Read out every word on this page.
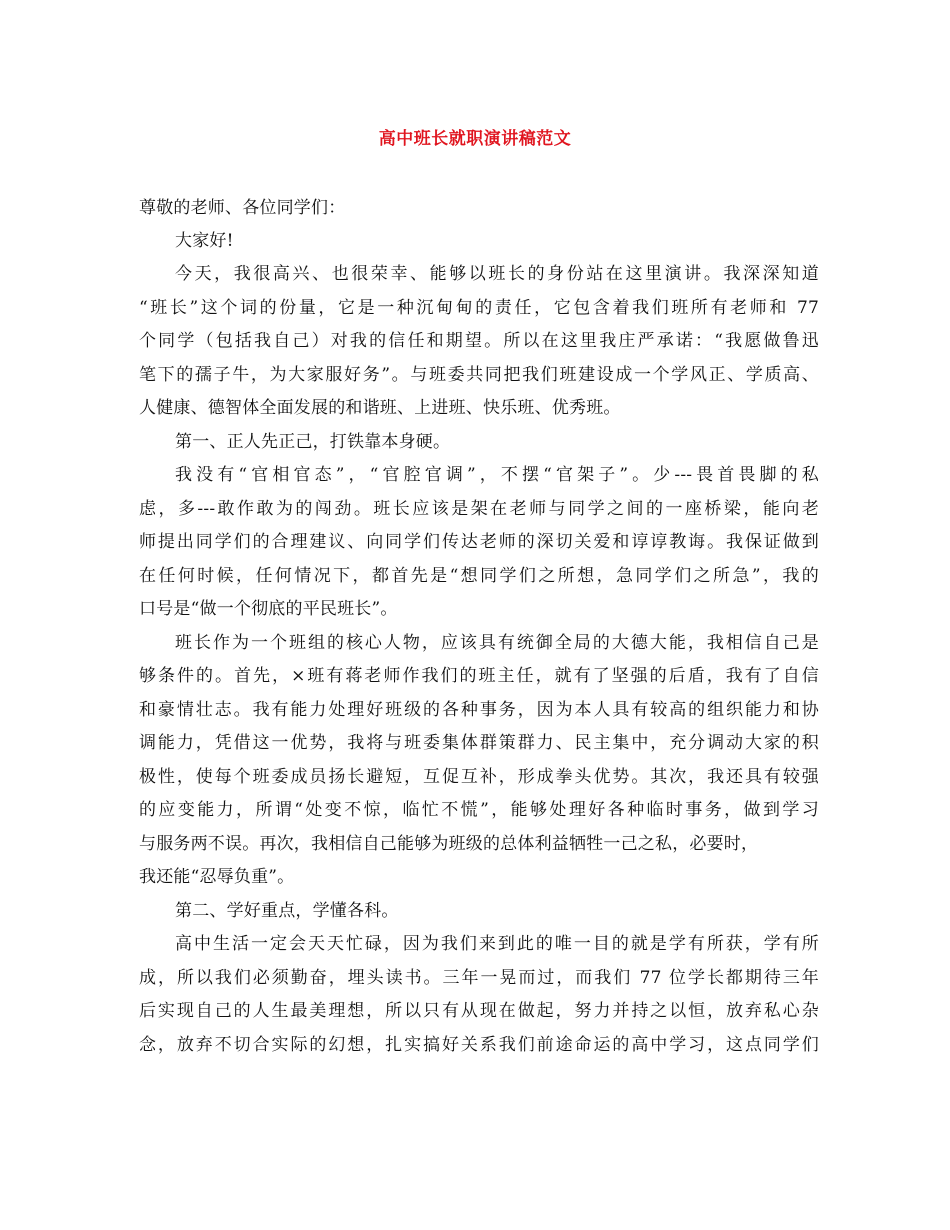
高中班长就职演讲稿范文
尊敬的老师、各位同学们：
大家好!
今天，我很高兴、也很荣幸、能够以班长的身份站在这里演讲。我深深知道
“班长”这个词的份量，它是一种沉甸甸的责任，它包含着我们班所有老师和 77
个同学（包括我自己）对我的信任和期望。所以在这里我庄严承诺：“我愿做鲁迅
笔下的孺子牛，为大家服好务”。与班委共同把我们班建设成一个学风正、学质高、
人健康、德智体全面发展的和谐班、上进班、快乐班、优秀班。
第一、正人先正己，打铁靠本身硬。
我没有“官相官态”，“官腔官调”，不摆“官架子”。少---畏首畏脚的私
虑，多---敢作敢为的闯劲。班长应该是架在老师与同学之间的一座桥梁，能向老
师提出同学们的合理建议、向同学们传达老师的深切关爱和谆谆教诲。我保证做到
在任何时候，任何情况下，都首先是“想同学们之所想，急同学们之所急”，我的
口号是“做一个彻底的平民班长”。
班长作为一个班组的核心人物，应该具有统御全局的大德大能，我相信自己是
够条件的。首先，×班有蒋老师作我们的班主任，就有了坚强的后盾，我有了自信
和豪情壮志。我有能力处理好班级的各种事务，因为本人具有较高的组织能力和协
调能力，凭借这一优势，我将与班委集体群策群力、民主集中，充分调动大家的积
极性，使每个班委成员扬长避短，互促互补，形成拳头优势。其次，我还具有较强
的应变能力，所谓“处变不惊，临忙不慌”，能够处理好各种临时事务，做到学习
与服务两不误。再次，我相信自己能够为班级的总体利益牺牲一己之私，必要时，
我还能“忍辱负重”。
第二、学好重点，学懂各科。
高中生活一定会天天忙碌，因为我们来到此的唯一目的就是学有所获，学有所
成，所以我们必须勤奋，埋头读书。三年一晃而过，而我们 77 位学长都期待三年
后实现自己的人生最美理想，所以只有从现在做起，努力并持之以恒，放弃私心杂
念，放弃不切合实际的幻想，扎实搞好关系我们前途命运的高中学习，这点同学们
